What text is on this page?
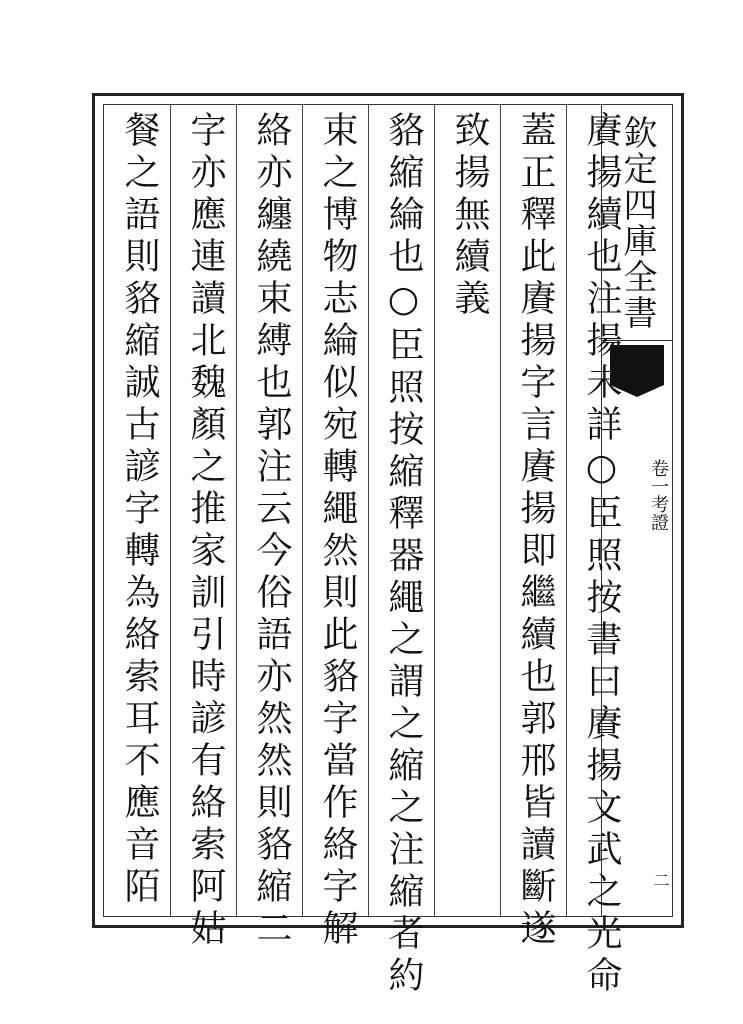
欽定四庫全書
卷一考證
二
賡揚續也注揚未詳○臣照按書曰賡揚文武之光命
蓋正釋此賡揚字言賡揚即繼續也郭邢皆讀斷遂
致揚無續義
貉縮綸也○臣照按縮釋器繩之謂之縮之注縮者約
束之博物志綸似宛轉繩然則此貉字當作絡字解
絡亦纏繞束縛也郭注云今俗語亦然然則貉縮二
字亦應連讀北魏顏之推家訓引時諺有絡索阿姑
餐之語則貉縮誠古諺字轉為絡索耳不應音陌
